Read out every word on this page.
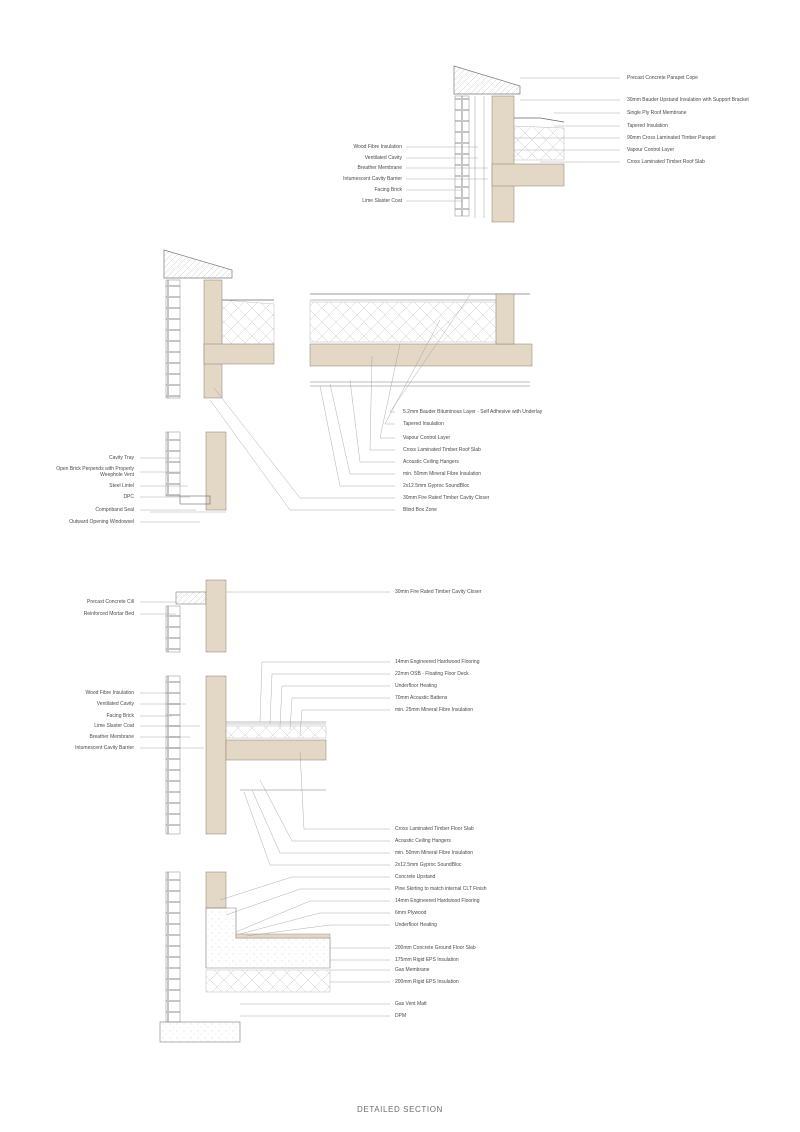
Precast Concrete Parapet Cope
30mm Bauder Upstand Insulation with Support Bracket
Single Ply Roof Membrane
Tapered Insulation
90mm Cross Laminated Timber Parapet
Vapour Control Layer
Cross Laminated Timber Roof Slab
Wood Fibre Insulation
Ventilated Cavity
Breather Membrane
Intumescent Cavity Barrier
Facing Brick
Lime Slaster Coat
5.2mm Bauder Bituminous Layer - Self Adhesive with Underlay
Tapered Insulation
Vapour Control Layer
Cross Laminated Timber Roof Slab
Acoustic Ceiling Hangers
min. 50mm Mineral Fibre Insulation
2x12.5mm Gyproc SoundBloc
30mm Fire Rated Timber Cavity Closer
Blind Box Zone
Cavity Tray
Open Brick Perpends with Properly Weephole Vent
Steel Lintel
DPC
Compriband Seal
Outward Opening Windowsel
Precast Concrete Cill
Reinforced Mortar Bed
30mm Fire Rated Timber Cavity Closer
14mm Engineered Hardwood Flooring
22mm OSB - Floating Floor Deck
Underfloor Heating
70mm Acoustic Battens
min. 25mm Mineral Fibre Insulation
Wood Fibre Insulation
Ventilated Cavity
Facing Brick
Lime Slaster Coat
Breather Membrane
Intumescent Cavity Barrier
Cross Laminated Timber Floor Slab
Acoustic Ceiling Hangers
min. 50mm Mineral Fibre Insulation
2x12.5mm Gyproc SoundBloc
Concrete Upstand
Pine Skirting to match internal CLT Finish
14mm Engineered Hardwood Flooring
6mm Plywood
Underfloor Heating
200mm Concrete Ground Floor Slab
175mm Rigid EPS Insulation
Gas Membrane
200mm Rigid EPS Insulation
Gas Vent Matt
DPM
DETAILED SECTION
